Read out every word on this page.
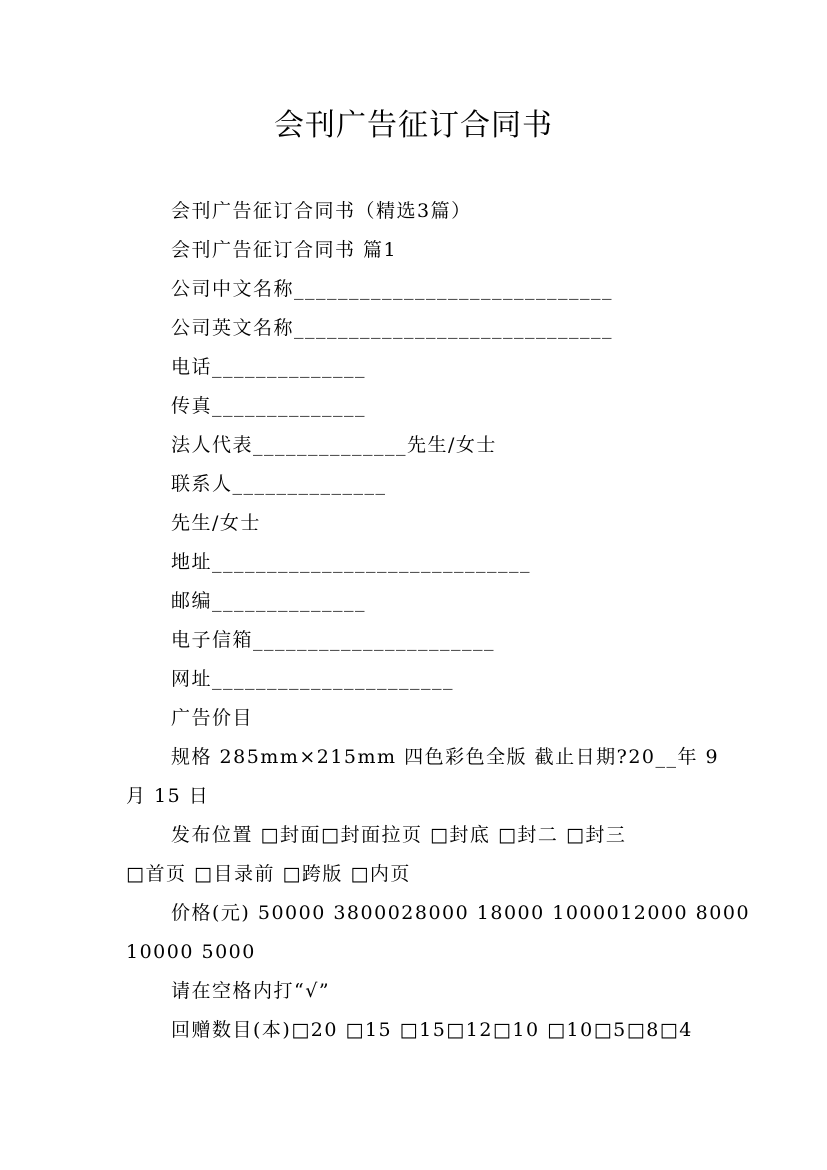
会刊广告征订合同书
会刊广告征订合同书（精选3篇）
会刊广告征订合同书 篇1
公司中文名称_____________________________
公司英文名称_____________________________
电话______________
传真______________
法人代表______________先生/女士
联系人______________
先生/女士
地址_____________________________
邮编______________
电子信箱______________________
网址______________________
广告价目
规格 285mm×215mm 四色彩色全版 截止日期?20__年 9
月 15 日
发布位置 □封面□封面拉页 □封底 □封二 □封三
□首页 □目录前 □跨版 □内页
价格(元) 50000 3800028000 18000 1000012000 8000
10000 5000
请在空格内打“√”
回赠数目(本)□20 □15 □15□12□10 □10□5□8□4
